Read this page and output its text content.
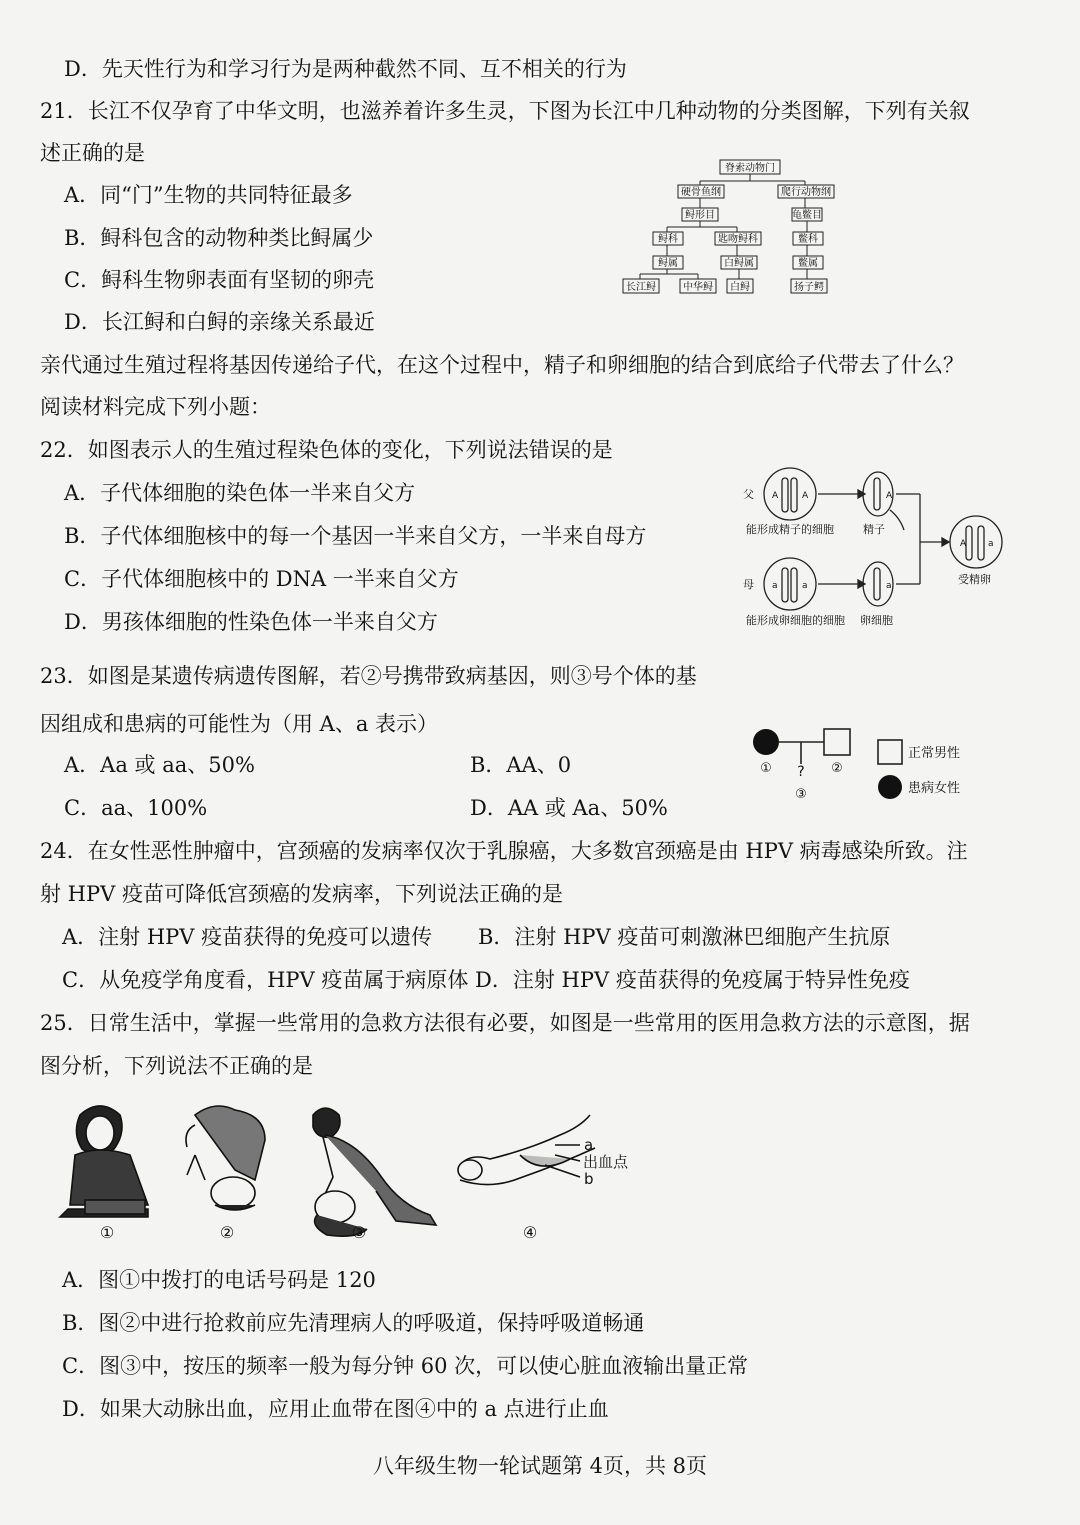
D．先天性行为和学习行为是两种截然不同、互不相关的行为
21．长江不仅孕育了中华文明，也滋养着许多生灵，下图为长江中几种动物的分类图解，下列有关叙
述正确的是
A．同“门”生物的共同特征最多
B．鲟科包含的动物种类比鲟属少
C．鲟科生物卵表面有坚韧的卵壳
D．长江鲟和白鲟的亲缘关系最近
脊索动物门
硬骨鱼纲	爬行动物纲
鲟形目	龟鳖目
鲟科	匙吻鲟科	鳖科
鲟属	白鲟属	鳖属
长江鲟	中华鲟 白鲟	扬子鳄
亲代通过生殖过程将基因传递给子代，在这个过程中，精子和卵细胞的结合到底给子代带去了什么？
阅读材料完成下列小题：
22．如图表示人的生殖过程染色体的变化，下列说法错误的是
A．子代体细胞的染色体一半来自父方
B．子代体细胞核中的每一个基因一半来自父方，一半来自母方
C．子代体细胞核中的 DNA 一半来自父方
D．男孩体细胞的性染色体一半来自父方
A	A	A
a	a	a
A a
父
母
能形成精子的细胞	精子
能形成卵细胞的细胞 卵细胞
受精卵
23．如图是某遗传病遗传图解，若②号携带致病基因，则③号个体的基
因组成和患病的可能性为（用 A、a 表示）
A．Aa 或 aa、50%	B．AA、0
C．aa、100%	D．AA 或 Aa、50%
?
①	②
③
正常男性
患病女性
24．在女性恶性肿瘤中，宫颈癌的发病率仅次于乳腺癌，大多数宫颈癌是由 HPV 病毒感染所致。注
射 HPV 疫苗可降低宫颈癌的发病率，下列说法正确的是
A．注射 HPV 疫苗获得的免疫可以遗传 B．注射 HPV 疫苗可刺激淋巴细胞产生抗原
C．从免疫学角度看，HPV 疫苗属于病原体 D．注射 HPV 疫苗获得的免疫属于特异性免疫
25．日常生活中，掌握一些常用的急救方法很有必要，如图是一些常用的医用急救方法的示意图，据
图分析，下列说法不正确的是
a
出血点
b
①	②	③	④
A．图①中拨打的电话号码是 120
B．图②中进行抢救前应先清理病人的呼吸道，保持呼吸道畅通
C．图③中，按压的频率一般为每分钟 60 次，可以使心脏血液输出量正常
D．如果大动脉出血，应用止血带在图④中的 a 点进行止血
八年级生物一轮试题第 4页，共 8页
